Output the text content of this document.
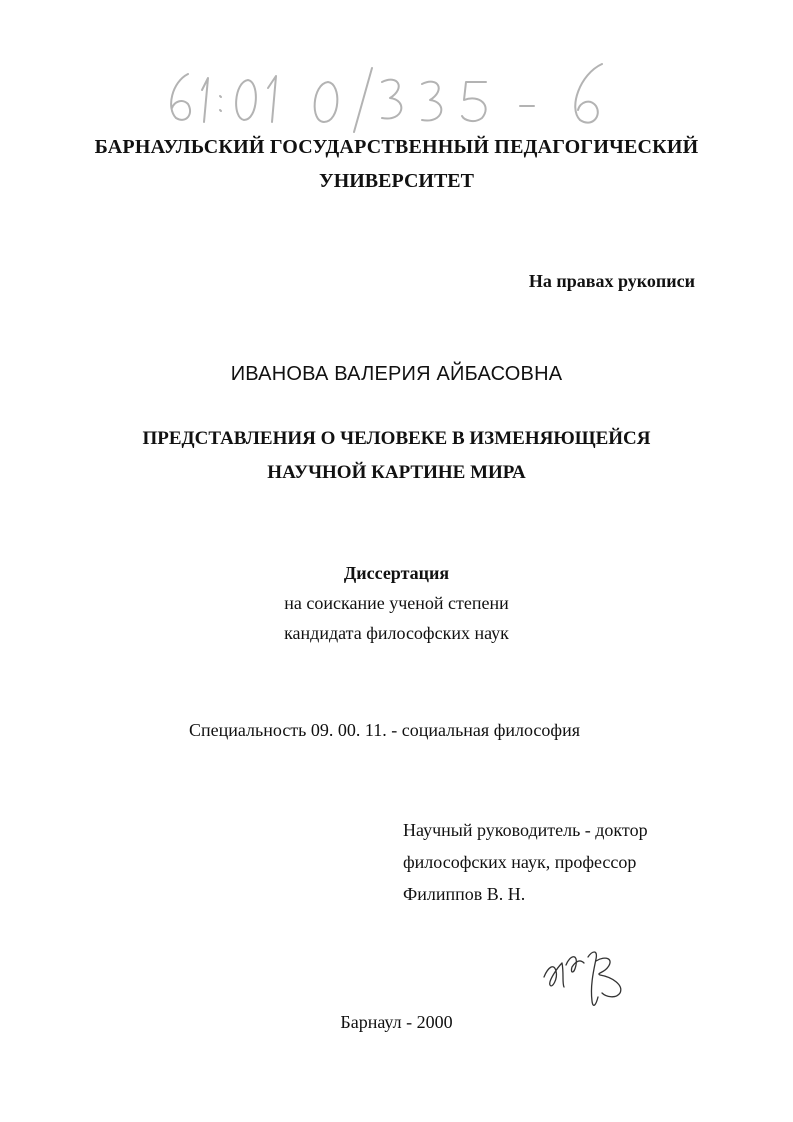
БАРНАУЛЬСКИЙ ГОСУДАРСТВЕННЫЙ ПЕДАГОГИЧЕСКИЙ
УНИВЕРСИТЕТ
На правах рукописи
ИВАНОВА ВАЛЕРИЯ АЙБАСОВНА
ПРЕДСТАВЛЕНИЯ О ЧЕЛОВЕКЕ В ИЗМЕНЯЮЩЕЙСЯ
НАУЧНОЙ КАРТИНЕ МИРА
Диссертация
на соискание ученой степени
кандидата философских наук
Специальность 09. 00. 11. - социальная философия
Научный руководитель - доктор
философских наук, профессор
Филиппов В. Н.
Барнаул - 2000
